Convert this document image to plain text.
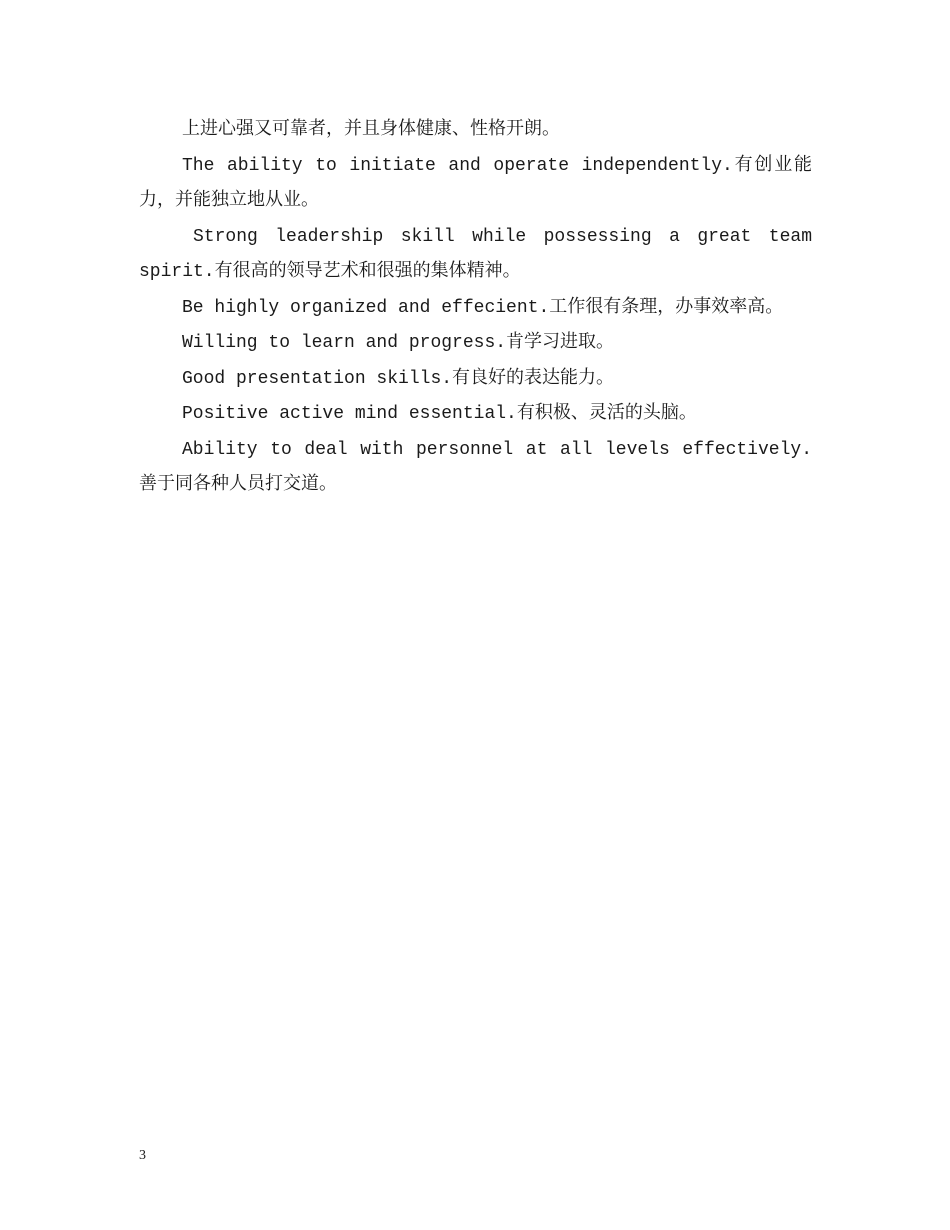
上进心强又可靠者，并且身体健康、性格开朗。

The ability to initiate and operate independently.有创业能力，并能独立地从业。

Strong leadership skill while possessing a great team spirit.有很高的领导艺术和很强的集体精神。

Be highly organized and effecient.工作很有条理，办事效率高。

Willing to learn and progress.肯学习进取。

Good presentation skills.有良好的表达能力。

Positive active mind essential.有积极、灵活的头脑。

Ability to deal with personnel at all levels effectively.善于同各种人员打交道。

3
